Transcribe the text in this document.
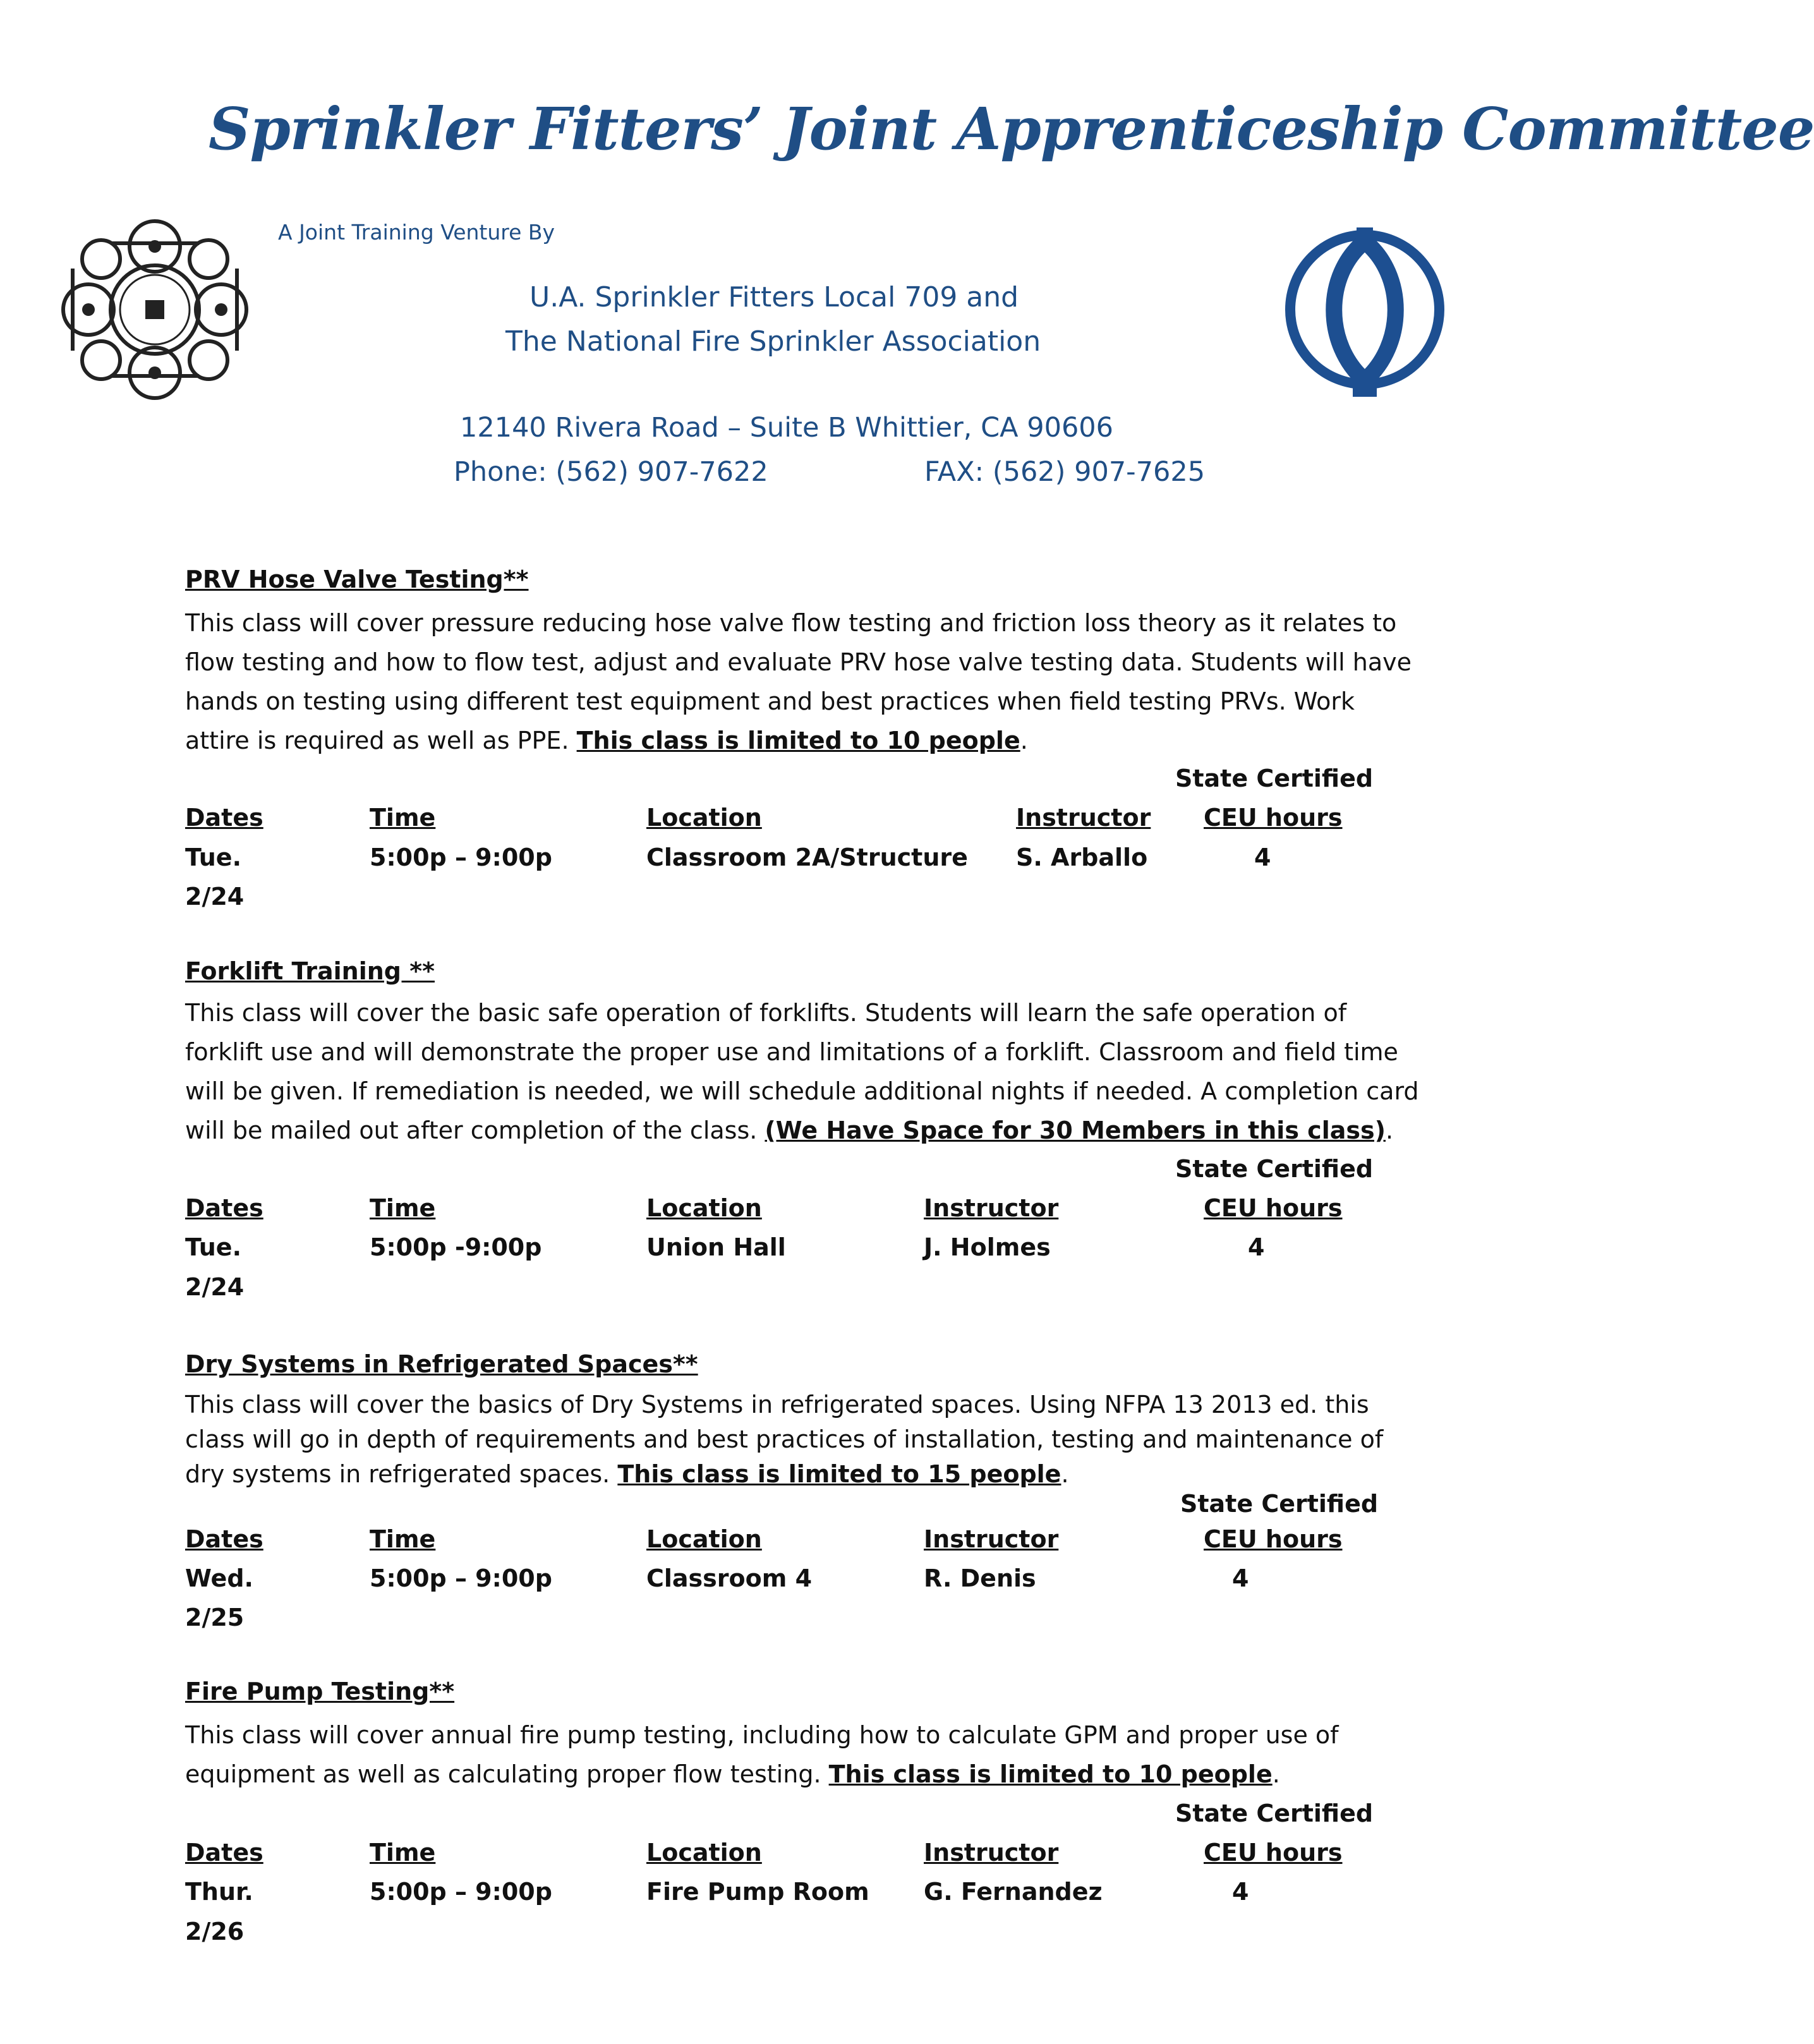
Sprinkler Fitters’ Joint Apprenticeship Committee
A Joint Training Venture By
U.A. Sprinkler Fitters Local 709 and
The National Fire Sprinkler Association
12140 Rivera Road – Suite B Whittier, CA 90606
Phone: (562) 907-7622	FAX: (562) 907-7625
PRV Hose Valve Testing**
This class will cover pressure reducing hose valve flow testing and friction loss theory as it relates to flow testing and how to flow test, adjust and evaluate PRV hose valve testing data. Students will have hands on testing using different test equipment and best practices when field testing PRVs. Work attire is required as well as PPE. This class is limited to 10 people.
State Certified
Dates	Time	Location	Instructor CEU hours
Tue.
2/24
5:00p – 9:00p	Classroom 2A/Structure S. Arballo	4
Forklift Training **
This class will cover the basic safe operation of forklifts. Students will learn the safe operation of forklift use and will demonstrate the proper use and limitations of a forklift. Classroom and field time will be given. If remediation is needed, we will schedule additional nights if needed. A completion card will be mailed out after completion of the class. (We Have Space for 30 Members in this class).
State Certified
Dates	Time	Location	Instructor	CEU hours
Tue.
2/24
5:00p -9:00p	Union Hall	J. Holmes	4
Dry Systems in Refrigerated Spaces**
This class will cover the basics of Dry Systems in refrigerated spaces. Using NFPA 13 2013 ed. this class will go in depth of requirements and best practices of installation, testing and maintenance of dry systems in refrigerated spaces. This class is limited to 15 people.
State Certified
Dates	Time	Location	Instructor	CEU hours
Wed.
2/25
5:00p – 9:00p	Classroom 4	R. Denis	4
Fire Pump Testing**
This class will cover annual fire pump testing, including how to calculate GPM and proper use of equipment as well as calculating proper flow testing. This class is limited to 10 people.
State Certified
Dates	Time	Location	Instructor	CEU hours
Thur.
2/26
5:00p – 9:00p	Fire Pump Room G. Fernandez	4
